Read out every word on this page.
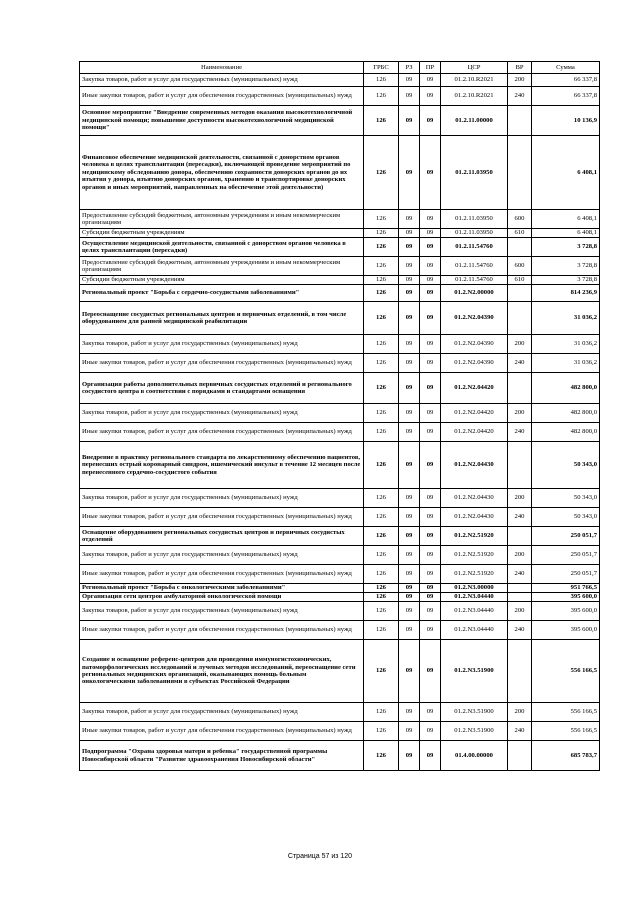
Наименование	ГРБС	РЗ	ПР	ЦСР	ВР	Сумма
Закупка товаров, работ и услуг для государственных (муниципальных) нужд	126	09	09	01.2.10.R2021	200	66 337,8
Иные закупки товаров, работ и услуг для обеспечения государственных (муниципальных) нужд	126	09	09	01.2.10.R2021	240	66 337,8
Основное мероприятие "Внедрение современных методов оказания высокотехнологичной медицинской помощи; повышение доступности высокотехнологичной медицинской помощи"	126	09	09	01.2.11.00000		10 136,9
Финансовое обеспечение медицинской деятельности, связанной с донорством органов человека в целях трансплантации (пересадки), включающей проведение мероприятий по медицинскому обследованию донора, обеспечению сохранности донорских органов до их изъятия у донора, изъятию донорских органов, хранению и транспортировке донорских органов и иных мероприятий, направленных на обеспечение этой деятельности)	126	09	09	01.2.11.03950		6 408,1
Предоставление субсидий бюджетным, автономным учреждениям и иным некоммерческим организациям	126	09	09	01.2.11.03950	600	6 408,1
Субсидии бюджетным учреждениям	126	09	09	01.2.11.03950	610	6 408,1
Осуществление медицинской деятельности, связанной с донорством органов человека в целях трансплантации (пересадки)	126	09	09	01.2.11.54760		3 728,8
Предоставление субсидий бюджетным, автономным учреждениям и иным некоммерческим организациям	126	09	09	01.2.11.54760	600	3 728,8
Субсидии бюджетным учреждениям	126	09	09	01.2.11.54760	610	3 728,8
Региональный проект "Борьба с сердечно-сосудистыми заболеваниями"	126	09	09	01.2.N2.00000		814 236,9
Переоснащение сосудистых региональных центров и первичных отделений, в том числе оборудованием для ранней медицинской реабилитации	126	09	09	01.2.N2.04390		31 036,2
Закупка товаров, работ и услуг для государственных (муниципальных) нужд	126	09	09	01.2.N2.04390	200	31 036,2
Иные закупки товаров, работ и услуг для обеспечения государственных (муниципальных) нужд	126	09	09	01.2.N2.04390	240	31 036,2
Организация работы дополнительных первичных сосудистых отделений и регионального сосудистого центра в соответствии с порядками и стандартами оснащения	126	09	09	01.2.N2.04420		482 800,0
Закупка товаров, работ и услуг для государственных (муниципальных) нужд	126	09	09	01.2.N2.04420	200	482 800,0
Иные закупки товаров, работ и услуг для обеспечения государственных (муниципальных) нужд	126	09	09	01.2.N2.04420	240	482 800,0
Внедрение в практику регионального стандарта по лекарственному обеспечению пациентов, перенесших острый коронарный синдром, ишемический инсульт в течение 12 месяцев после перенесенного сердечно-сосудистого события	126	09	09	01.2.N2.04430		50 343,0
Закупка товаров, работ и услуг для государственных (муниципальных) нужд	126	09	09	01.2.N2.04430	200	50 343,0
Иные закупки товаров, работ и услуг для обеспечения государственных (муниципальных) нужд	126	09	09	01.2.N2.04430	240	50 343,0
Оснащение оборудованием региональных сосудистых центров и первичных сосудистых отделений	126	09	09	01.2.N2.51920		250 051,7
Закупка товаров, работ и услуг для государственных (муниципальных) нужд	126	09	09	01.2.N2.51920	200	250 051,7
Иные закупки товаров, работ и услуг для обеспечения государственных (муниципальных) нужд	126	09	09	01.2.N2.51920	240	250 051,7
Региональный проект "Борьба с онкологическими заболеваниями"	126	09	09	01.2.N3.00000		951 766,5
Организация сети центров амбулаторной онкологической помощи	126	09	09	01.2.N3.04440		395 600,0
Закупка товаров, работ и услуг для государственных (муниципальных) нужд	126	09	09	01.2.N3.04440	200	395 600,0
Иные закупки товаров, работ и услуг для обеспечения государственных (муниципальных) нужд	126	09	09	01.2.N3.04440	240	395 600,0
Создание и оснащение референс-центров для проведения иммуногистохимических, патоморфологических исследований и лучевых методов исследований, переоснащение сети региональных медицинских организаций, оказывающих помощь больным онкологическими заболеваниями в субъектах Российской Федерации	126	09	09	01.2.N3.51900		556 166,5
Закупка товаров, работ и услуг для государственных (муниципальных) нужд	126	09	09	01.2.N3.51900	200	556 166,5
Иные закупки товаров, работ и услуг для обеспечения государственных (муниципальных) нужд	126	09	09	01.2.N3.51900	240	556 166,5
Подпрограмма "Охрана здоровья матери и ребенка" государственной программы Новосибирской области "Развитие здравоохранения Новосибирской области"	126	09	09	01.4.00.00000		685 783,7
Страница 57 из 120
